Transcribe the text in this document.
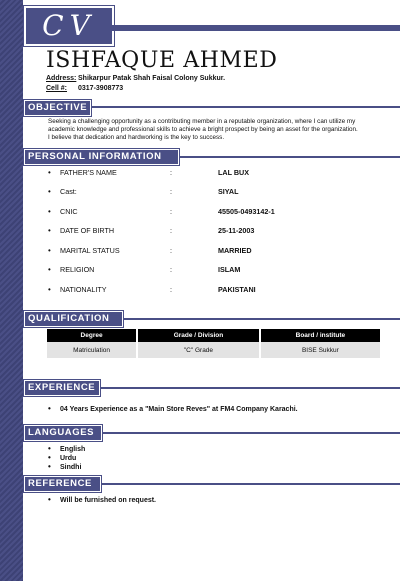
CV
ISHFAQUE AHMED
Address: Shikarpur Patak Shah Faisal Colony Sukkur.
Cell #: 0317-3908773
OBJECTIVE
Seeking a challenging opportunity as a contributing member in a reputable organization, where I can utilize my academic knowledge and professional skills to achieve a bright prospect by being an asset for the organization. I believe that dedication and hardworking is the key to success.
PERSONAL INFORMATION
• FATHER'S NAME	:	LAL BUX
• Cast:	:	SIYAL
• CNIC	:	45505-0493142-1
• DATE OF BIRTH	:	25-11-2003
• MARITAL STATUS	:	MARRIED
• RELIGION	:	ISLAM
• NATIONALITY	:	PAKISTANI
QUALIFICATION
Degree	Grade / Division	Board / institute
Matriculation	"C" Grade	BISE Sukkur
EXPERIENCE
• 04 Years Experience as a "Main Store Reves" at FM4 Company Karachi.
LANGUAGES
• English
• Urdu
• Sindhi
REFERENCE
• Will be furnished on request.
